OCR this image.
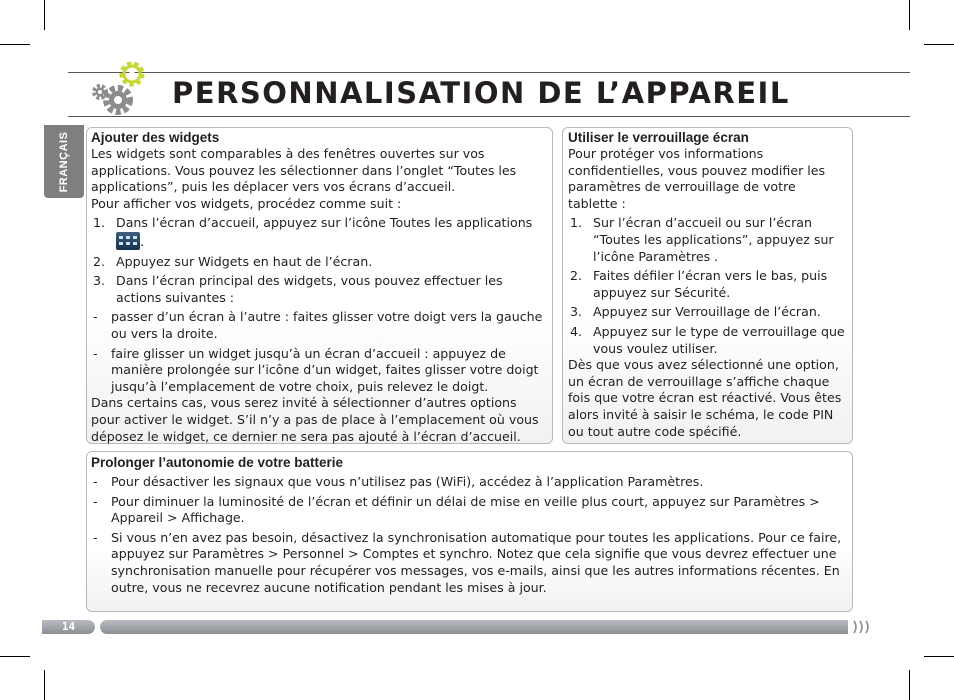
PERSONNALISATION DE L’APPAREIL
FRANÇAIS Ajouter des widgets

Les widgets sont comparables à des fenêtres ouvertes sur vos applications. Vous pouvez les sélectionner dans l’onglet “Toutes les applications”, puis les déplacer vers vos écrans d’accueil.

Pour afficher vos widgets, procédez comme suit :

1. Dans l’écran d’accueil, appuyez sur l’icône Toutes les applications
.
2. Appuyez sur Widgets en haut de l’écran.
3. Dans l’écran principal des widgets, vous pouvez effectuer les actions suivantes :
- passer d’un écran à l’autre : faites glisser votre doigt vers la gauche ou vers la droite.
- faire glisser un widget jusqu’à un écran d’accueil : appuyez de manière prolongée sur l’icône d’un widget, faites glisser votre doigt jusqu’à l’emplacement de votre choix, puis relevez le doigt.

Dans certains cas, vous serez invité à sélectionner d’autres options pour activer le widget. S’il n’y a pas de place à l’emplacement où vous déposez le widget, ce dernier ne sera pas ajouté à l’écran d’accueil.

Utiliser le verrouillage écran

Pour protéger vos informations confidentielles, vous pouvez modifier les paramètres de verrouillage de votre tablette :

1. Sur l’écran d’accueil ou sur l’écran “Toutes les applications”, appuyez sur l’icône Paramètres .
2. Faites défiler l’écran vers le bas, puis appuyez sur Sécurité.
3. Appuyez sur Verrouillage de l’écran.
4. Appuyez sur le type de verrouillage que vous voulez utiliser.

Dès que vous avez sélectionné une option, un écran de verrouillage s’affiche chaque fois que votre écran est réactivé. Vous êtes alors invité à saisir le schéma, le code PIN ou tout autre code spécifié.

Prolonger l’autonomie de votre batterie
- Pour désactiver les signaux que vous n’utilisez pas (WiFi), accédez à l’application Paramètres.
- Pour diminuer la luminosité de l’écran et définir un délai de mise en veille plus court, appuyez sur Paramètres > Appareil > Affichage.
- Si vous n’en avez pas besoin, désactivez la synchronisation automatique pour toutes les applications. Pour ce faire, appuyez sur Paramètres > Personnel > Comptes et synchro. Notez que cela signifie que vous devrez effectuer une synchronisation manuelle pour récupérer vos messages, vos e-mails, ainsi que les autres informations récentes. En outre, vous ne recevrez aucune notification pendant les mises à jour.
14
